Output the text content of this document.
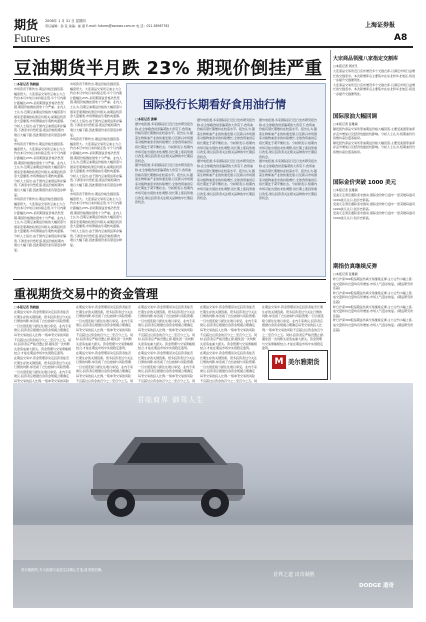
期货 2008年 1 月 31 日 星期四
责任编辑：孙 莹 美编：崔 嘉 E-mail: futures@ssnews.com.cn 电 话：021-38967762
Futures
上海证券报
A8
豆油期货半月跌 23% 期现价倒挂严重
□本报记者 钱晓涵
市场资讯不断传出,期货价格急剧回落,幅度很大。大连商品交易所豆油主力合约自本月中旬以来持续走低,半个月内累计跌幅达23%,而同期现货价格仍然坚挺,期现价格倒挂现象十分严重。业内人士认为,近期豆油期货价格的大幅回落与国家宏观调控政策密切相关,前期投机资金大量撤离,市场情绪由乐观转向谨慎。分析人士指出,由于国内豆油现货库存偏低,下游需求仍然旺盛,现货价格短期内难以大幅下跌,因此期现价差有望逐步修复。
市场资讯不断传出,期货价格急剧回落,幅度很大。大连商品交易所豆油主力合约自本月中旬以来持续走低,半个月内累计跌幅达23%,而同期现货价格仍然坚挺,期现价格倒挂现象十分严重。业内人士认为,近期豆油期货价格的大幅回落与国家宏观调控政策密切相关,前期投机资金大量撤离,市场情绪由乐观转向谨慎。分析人士指出,由于国内豆油现货库存偏低,下游需求仍然旺盛,现货价格短期内难以大幅下跌,因此期现价差有望逐步修复。
市场资讯不断传出,期货价格急剧回落,幅度很大。大连商品交易所豆油主力合约自本月中旬以来持续走低,半个月内累计跌幅达23%,而同期现货价格仍然坚挺,期现价格倒挂现象十分严重。业内人士认为,近期豆油期货价格的大幅回落与国家宏观调控政策密切相关,前期投机资金大量撤离,市场情绪由乐观转向谨慎。分析人士指出,由于国内豆油现货库存偏低,下游需求仍然旺盛,现货价格短期内难以大幅下跌,因此期现价差有望逐步修复。
市场资讯不断传出,期货价格急剧回落,幅度很大。大连商品交易所豆油主力合约自本月中旬以来持续走低,半个月内累计跌幅达23%,而同期现货价格仍然坚挺,期现价格倒挂现象十分严重。业内人士认为,近期豆油期货价格的大幅回落与国家宏观调控政策密切相关,前期投机资金大量撤离,市场情绪由乐观转向谨慎。分析人士指出,由于国内豆油现货库存偏低,下游需求仍然旺盛,现货价格短期内难以大幅下跌,因此期现价差有望逐步修复。
市场资讯不断传出,期货价格急剧回落,幅度很大。大连商品交易所豆油主力合约自本月中旬以来持续走低,半个月内累计跌幅达23%,而同期现货价格仍然坚挺,期现价格倒挂现象十分严重。业内人士认为,近期豆油期货价格的大幅回落与国家宏观调控政策密切相关,前期投机资金大量撤离,市场情绪由乐观转向谨慎。分析人士指出,由于国内豆油现货库存偏低,下游需求仍然旺盛,现货价格短期内难以大幅下跌,因此期现价差有望逐步修复。
市场资讯不断传出,期货价格急剧回落,幅度很大。大连商品交易所豆油主力合约自本月中旬以来持续走低,半个月内累计跌幅达23%,而同期现货价格仍然坚挺,期现价格倒挂现象十分严重。业内人士认为,近期豆油期货价格的大幅回落与国家宏观调控政策密切相关,前期投机资金大量撤离,市场情绪由乐观转向谨慎。分析人士指出,由于国内豆油现货库存偏低,下游需求仍然旺盛,现货价格短期内难以大幅下跌,因此期现价差有望逐步修复。
国际投行长期看好食用油行情
□本报记者 黄墀
据外电报道,多家国际投行近日发布研究报告称,在全球粮食供需偏紧的大背景下,食用油价格有望长期维持在较高水平。报告认为,随着生物柴油产业的快速发展,以及新兴市场国家对植物油需求的持续增长,全球食用油供应将长期处于紧平衡状态。分析师表示,短期内市场可能出现技术性调整,但长期上涨趋势难以改变,建议投资者关注相关品种的中长期投资机会。
据外电报道,多家国际投行近日发布研究报告称,在全球粮食供需偏紧的大背景下,食用油价格有望长期维持在较高水平。报告认为,随着生物柴油产业的快速发展,以及新兴市场国家对植物油需求的持续增长,全球食用油供应将长期处于紧平衡状态。分析师表示,短期内市场可能出现技术性调整,但长期上涨趋势难以改变,建议投资者关注相关品种的中长期投资机会。
据外电报道,多家国际投行近日发布研究报告称,在全球粮食供需偏紧的大背景下,食用油价格有望长期维持在较高水平。报告认为,随着生物柴油产业的快速发展,以及新兴市场国家对植物油需求的持续增长,全球食用油供应将长期处于紧平衡状态。分析师表示,短期内市场可能出现技术性调整,但长期上涨趋势难以改变,建议投资者关注相关品种的中长期投资机会。
据外电报道,多家国际投行近日发布研究报告称,在全球粮食供需偏紧的大背景下,食用油价格有望长期维持在较高水平。报告认为,随着生物柴油产业的快速发展,以及新兴市场国家对植物油需求的持续增长,全球食用油供应将长期处于紧平衡状态。分析师表示,短期内市场可能出现技术性调整,但长期上涨趋势难以改变,建议投资者关注相关品种的中长期投资机会。
据外电报道,多家国际投行近日发布研究报告称,在全球粮食供需偏紧的大背景下,食用油价格有望长期维持在较高水平。报告认为,随着生物柴油产业的快速发展,以及新兴市场国家对植物油需求的持续增长,全球食用油供应将长期处于紧平衡状态。分析师表示,短期内市场可能出现技术性调整,但长期上涨趋势难以改变,建议投资者关注相关品种的中长期投资机会。
据外电报道,多家国际投行近日发布研究报告称,在全球粮食供需偏紧的大背景下,食用油价格有望长期维持在较高水平。报告认为,随着生物柴油产业的快速发展,以及新兴市场国家对植物油需求的持续增长,全球食用油供应将长期处于紧平衡状态。分析师表示,短期内市场可能出现技术性调整,但长期上涨趋势难以改变,建议投资者关注相关品种的中长期投资机会。
重视期货交易中的资金管理
□本报记者 钱晓涵
在期货交易中,资金管理是决定投资者能否长期生存的关键因素。很多投资者过分关注行情的判断,却忽视了仓位控制与风险管理,一旦出现连续亏损往往难以承受。业内专家建议,投资者应根据自身资金规模合理确定每笔交易的投入比例,一般单笔交易的风险不宜超过总资金的百分之二至百分之五。同时,投资者应严格设置止损,避免因一次判断失误造成重大损失。资金管理与交易策略相结合,才能在期货市场中实现稳定盈利。
在期货交易中,资金管理是决定投资者能否长期生存的关键因素。很多投资者过分关注行情的判断,却忽视了仓位控制与风险管理,一旦出现连续亏损往往难以承受。业内专家建议,投资者应根据自身资金规模合理确定每笔交易的投入比例,一般单笔交易的风险
在期货交易中,资金管理是决定投资者能否长期生存的关键因素。很多投资者过分关注行情的判断,却忽视了仓位控制与风险管理,一旦出现连续亏损往往难以承受。业内专家建议,投资者应根据自身资金规模合理确定每笔交易的投入比例,一般单笔交易的风险不宜超过总资金的百分之二至百分之五。同时,投资者应严格设置止损,避免因一次判断失误造成重大损失。资金管理与交易策略相结合,才能在期货市场中实现稳定盈利。
在期货交易中,资金管理是决定投资者能否长期生存的关键因素。很多投资者过分关注行情的判断,却忽视了仓位控制与风险管理,一旦出现连续亏损往往难以承受。业内专家建议,投资者应根据自身资金规模合理确定每笔交易的投入比例,一般单笔交易的风险不宜超过总资金的百分之二至百分之五。同
在期货交易中,资金管理是决定投资者能否长期生存的关键因素。很多投资者过分关注行情的判断,却忽视了仓位控制与风险管理,一旦出现连续亏损往往难以承受。业内专家建议,投资者应根据自身资金规模合理确定每笔交易的投入比例,一般单笔交易的风险不宜超过总资金的百分之二至百分之五。同时,投资者应严格设置止损,避免因一次判断失误造成重大损失。资金管理与交易策略相结合,才能在期货市场中实现稳定盈利。
在期货交易中,资金管理是决定投资者能否长期生存的关键因素。很多投资者过分关注行情的判断,却忽视了仓位控制与风险管理,一旦出现连续亏损往往难以承受。业内专家建议,投资者应根据自身资金规模合理确定每笔交易的投入比例,一般单笔交易的风险不宜超过总资金的百分之二至百分之五。同
在期货交易中,资金管理是决定投资者能否长期生存的关键因素。很多投资者过分关注行情的判断,却忽视了仓位控制与风险管理,一旦出现连续亏损往往难以承受。业内专家建议,投资者应根据自身资金规模合理确定每笔交易的投入比例,一般单笔交易的风险不宜超过总资金的百分之二至百分之五。同时,投资者应严格设置止损,避免因一次判断失误造成重大损失。资金管理与交易策略相结合,才能在期货市场中实现稳定盈利。
在期货交易中,资金管理是决定投资者能否长期生存的关键因素。很多投资者过分关注行情的判断,却忽视了仓位控制与风险管理,一旦出现连续亏损往往难以承受。业内专家建议,投资者应根据自身资金规模合理确定每笔交易的投入比例,一般单笔交易的风险不宜超过总资金的百分之二至百分之五。同
在期货交易中,资金管理是决定投资者能否长期生存的关键因素。很多投资者过分关注行情的判断,却忽视了仓位控制与风险管理,一旦出现连续亏损往往难以承受。业内专家建议,投资者应根据自身资金规模合理确定每笔交易的投入比例,一般单笔交易的风险不宜超过总资金的百分之二至百分之五。同时,投资者应严格设置止损,避免因一次判断失误造成重大损失。资金管理与交易策略相结合,才能在期货市场中实现稳定盈利。
M 美尔雅期货
大宗商品领涨八家指定交割库
□本报记者 周光凡
大连商品交易所近日宣布增设多个交割仓库,以满足市场日益增长的交割需求。本次新增库点主要集中在东北和华北地区,将进一步提升交割便利性。
大连商品交易所近日宣布增设多个交割仓库,以满足市场日益增长的交割需求。本次新增库点主要集中在东北和华北地区,将进一步提升交割便利性。
国际原油大幅回调
□本报记者 张稚颖
隔夜纽约商品交易所原油期货价格大幅回落,主要受美国原油库存意外增加以及经济放缓担忧影响。分析人士认为,短期油价仍将维持高位震荡格局。
隔夜纽约商品交易所原油期货价格大幅回落,主要受美国原油库存意外增加以及经济放缓担忧影响。分析人士认为,短期油价仍将维持高位震荡格局。
国际金价突破 1000 美元
□本报记者 张稚颖
受美元走弱及避险需求推动,国际金价昨日盘中一度突破每盎司1000美元关口,创历史新高。
受美元走弱及避险需求推动,国际金价昨日盘中一度突破每盎司1000美元关口,创历史新高。
受美元走弱及避险需求推动,国际金价昨日盘中一度突破每盎司1000美元关口,创历史新高。
期指仿真继续反弹
□本报记者 张稚颖
昨日沪深300股指期货仿真交易继续反弹,主力合约小幅上涨,成交量和持仓量均有所增加,市场人气逐步恢复。(期货研究所 张超)
昨日沪深300股指期货仿真交易继续反弹,主力合约小幅上涨,成交量和持仓量均有所增加,市场人气逐步恢复。(期货研究所 张超)
昨日沪深300股指期货仿真交易继续反弹,主力合约小幅上涨,成交量和持仓量均有所增加,市场人气逐步恢复。(期货研究所 张超)
昨日沪深300股指期货仿真交易继续反弹,主力合约小幅上涨,成交量和持仓量均有所增加,市场人气逐步恢复。(期货研究所 张超)
君临商界 御驾人生
美尔雅期货,专为高端与品质生活精心打造,值得您信赖。
竞界之道 出奇制胜
DODGE 道奇
